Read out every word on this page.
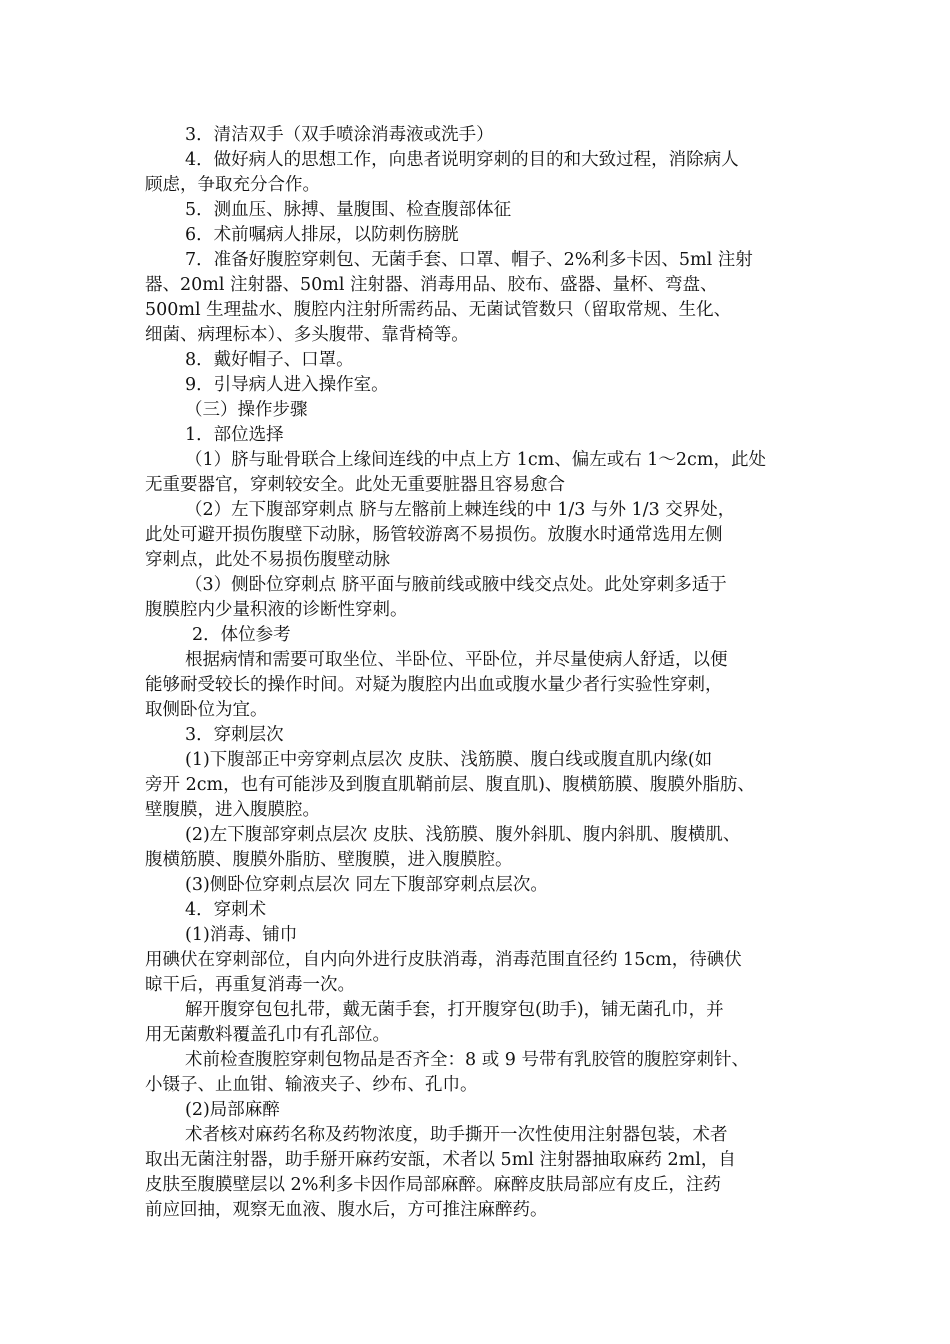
3．清洁双手（双手喷涂消毒液或洗手）
4．做好病人的思想工作，向患者说明穿刺的目的和大致过程，消除病人
顾虑，争取充分合作。
5．测血压、脉搏、量腹围、检查腹部体征
6．术前嘱病人排尿，以防刺伤膀胱
7．准备好腹腔穿刺包、无菌手套、口罩、帽子、2%利多卡因、5ml 注射
器、20ml 注射器、50ml 注射器、消毒用品、胶布、盛器、量杯、弯盘、
500ml 生理盐水、腹腔内注射所需药品、无菌试管数只（留取常规、生化、
细菌、病理标本）、多头腹带、靠背椅等。
8．戴好帽子、口罩。
9．引导病人进入操作室。
（三）操作步骤
1．部位选择
（1）脐与耻骨联合上缘间连线的中点上方 1cm、偏左或右 1～2cm，此处
无重要器官，穿刺较安全。此处无重要脏器且容易愈合
（2）左下腹部穿刺点 脐与左髂前上棘连线的中 1/3 与外 1/3 交界处，
此处可避开损伤腹壁下动脉，肠管较游离不易损伤。放腹水时通常选用左侧
穿刺点，此处不易损伤腹壁动脉
（3）侧卧位穿刺点 脐平面与腋前线或腋中线交点处。此处穿刺多适于
腹膜腔内少量积液的诊断性穿刺。
2．体位参考
根据病情和需要可取坐位、半卧位、平卧位，并尽量使病人舒适，以便
能够耐受较长的操作时间。对疑为腹腔内出血或腹水量少者行实验性穿刺，
取侧卧位为宜。
3．穿刺层次
(1)下腹部正中旁穿刺点层次 皮肤、浅筋膜、腹白线或腹直肌内缘(如
旁开 2cm，也有可能涉及到腹直肌鞘前层、腹直肌)、腹横筋膜、腹膜外脂肪、
壁腹膜，进入腹膜腔。
(2)左下腹部穿刺点层次 皮肤、浅筋膜、腹外斜肌、腹内斜肌、腹横肌、
腹横筋膜、腹膜外脂肪、壁腹膜，进入腹膜腔。
(3)侧卧位穿刺点层次 同左下腹部穿刺点层次。
4．穿刺术
(1)消毒、铺巾
用碘伏在穿刺部位，自内向外进行皮肤消毒，消毒范围直径约 15cm，待碘伏
晾干后，再重复消毒一次。
解开腹穿包包扎带，戴无菌手套，打开腹穿包(助手)，铺无菌孔巾，并
用无菌敷料覆盖孔巾有孔部位。
术前检查腹腔穿刺包物品是否齐全：8 或 9 号带有乳胶管的腹腔穿刺针、
小镊子、止血钳、输液夹子、纱布、孔巾。
(2)局部麻醉
术者核对麻药名称及药物浓度，助手撕开一次性使用注射器包装，术者
取出无菌注射器，助手掰开麻药安瓿，术者以 5ml 注射器抽取麻药 2ml，自
皮肤至腹膜壁层以 2%利多卡因作局部麻醉。麻醉皮肤局部应有皮丘，注药
前应回抽，观察无血液、腹水后，方可推注麻醉药。
